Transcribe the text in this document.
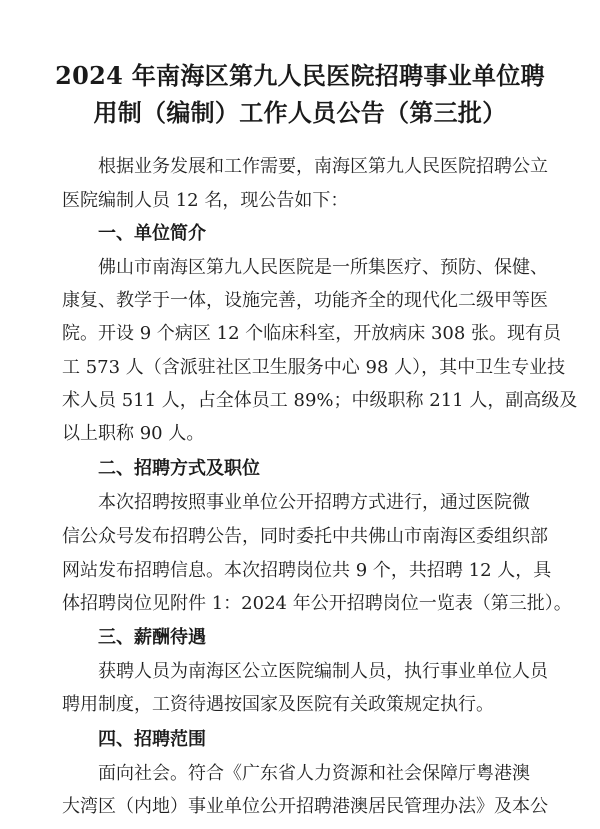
2024 年南海区第九人民医院招聘事业单位聘
用制（编制）工作人员公告（第三批）
根据业务发展和工作需要，南海区第九人民医院招聘公立
医院编制人员 12 名，现公告如下：
一、单位简介
佛山市南海区第九人民医院是一所集医疗、预防、保健、
康复、教学于一体，设施完善，功能齐全的现代化二级甲等医
院。开设 9 个病区 12 个临床科室，开放病床 308 张。现有员
工 573 人（含派驻社区卫生服务中心 98 人），其中卫生专业技
术人员 511 人，占全体员工 89%；中级职称 211 人，副高级及
以上职称 90 人。
二、招聘方式及职位
本次招聘按照事业单位公开招聘方式进行，通过医院微
信公众号发布招聘公告，同时委托中共佛山市南海区委组织部
网站发布招聘信息。本次招聘岗位共 9 个，共招聘 12 人，具
体招聘岗位见附件 1：2024 年公开招聘岗位一览表（第三批）。
三、薪酬待遇
获聘人员为南海区公立医院编制人员，执行事业单位人员
聘用制度，工资待遇按国家及医院有关政策规定执行。
四、招聘范围
面向社会。符合《广东省人力资源和社会保障厅粤港澳
大湾区（内地）事业单位公开招聘港澳居民管理办法》及本公
